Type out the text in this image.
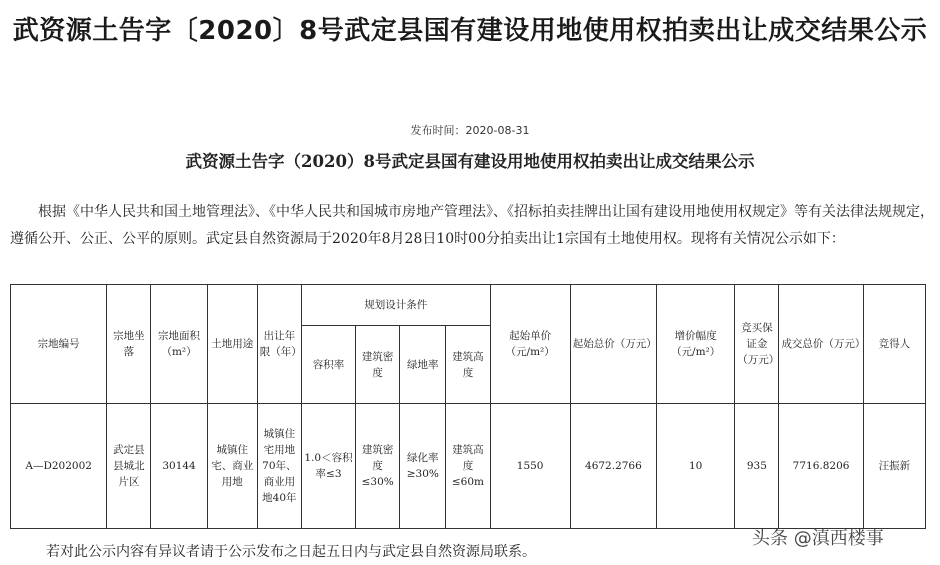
武资源土告字〔2020〕8号武定县国有建设用地使用权拍卖出让成交结果公示
发布时间：2020-08-31
武资源土告字（2020）8号武定县国有建设用地使用权拍卖出让成交结果公示

根据《中华人民共和国土地管理法》、《中华人民共和国城市房地产管理法》、《招标拍卖挂牌出让国有建设用地使用权规定》等有关法律法规规定，遵循公开、公正、公平的原则。武定县自然资源局于2020年8月28日10时00分拍卖出让1宗国有土地使用权。现将有关情况公示如下：

宗地编号	宗地坐落	宗地面积（m²）	土地用途	出让年限（年）	规划设计条件				起始单价（元/m²）	起始总价（万元）	增价幅度（元/m²）	竞买保证金（万元）	成交总价（万元）	竞得人
					容积率	建筑密度	绿地率	建筑高度						
A—D202002	武定县县城北片区	30144	城镇住宅、商业用地	城镇住宅用地70年、商业用地40年	1.0＜容积率≤3	建筑密度≤30%	绿化率≥30%	建筑高度≤60m	1550	4672.2766	10	935	7716.8206	汪振新
若对此公示内容有异议者请于公示发布之日起五日内与武定县自然资源局联系。
头条 @滇西楼事
